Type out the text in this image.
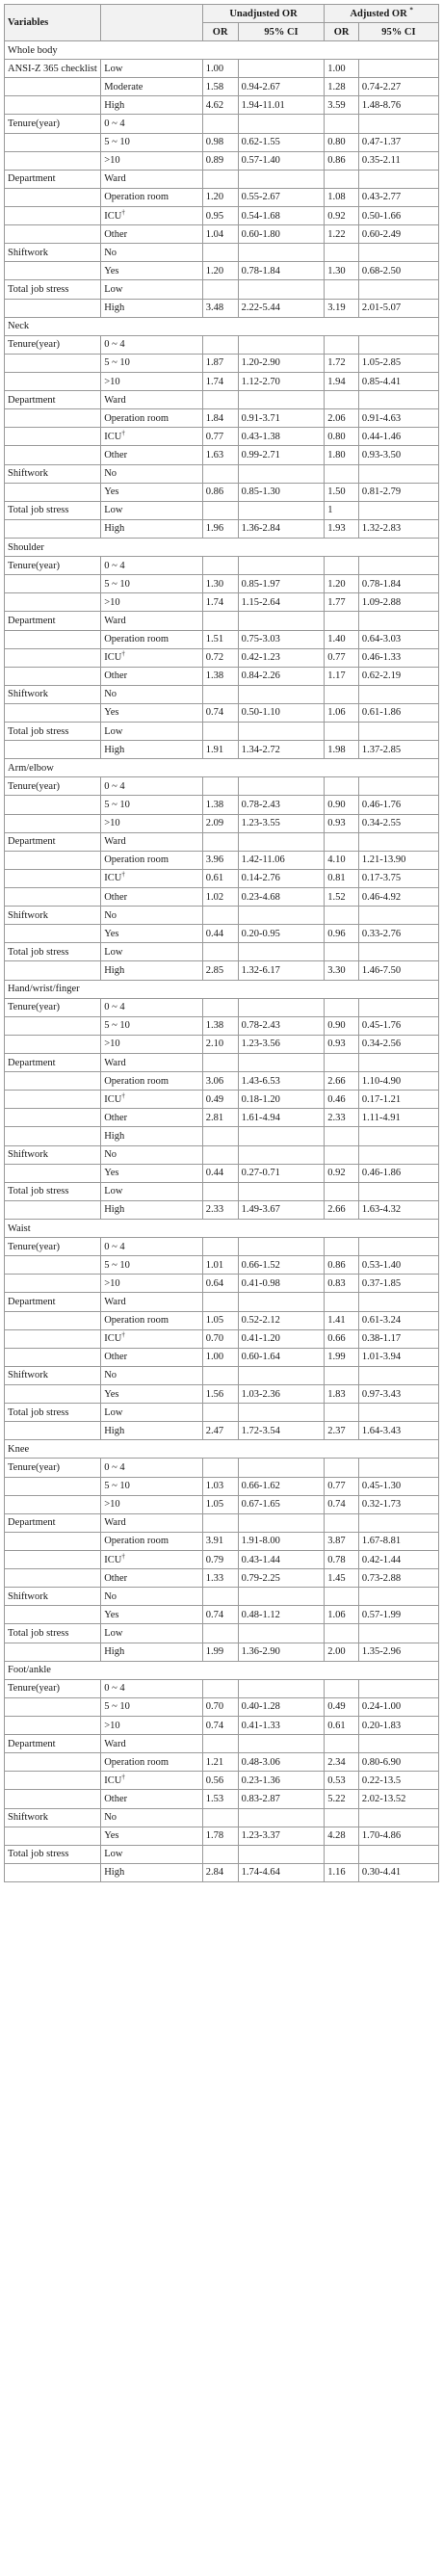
Variables		Unadjusted OR		Adjusted OR *
		OR	95% CI	OR	95% CI
Whole body					
ANSI-Z 365 checklist	Low	1.00		1.00	
	Moderate	1.58	0.94-2.67	1.28	0.74-2.27
	High	4.62	1.94-11.01	3.59	1.48-8.76
Tenure(year)	0 ~ 4				
	5 ~ 10	0.98	0.62-1.55	0.80	0.47-1.37
	>10	0.89	0.57-1.40	0.86	0.35-2.11
Department	Ward				
	Operation room	1.20	0.55-2.67	1.08	0.43-2.77
	ICU†	0.95	0.54-1.68	0.92	0.50-1.66
	Other	1.04	0.60-1.80	1.22	0.60-2.49
Shiftwork	No				
	Yes	1.20	0.78-1.84	1.30	0.68-2.50
Total job stress	Low				
	High	3.48	2.22-5.44	3.19	2.01-5.07
Neck					
Tenure(year)	0 ~ 4				
	5 ~ 10	1.87	1.20-2.90	1.72	1.05-2.85
	>10	1.74	1.12-2.70	1.94	0.85-4.41
Department	Ward				
	Operation room	1.84	0.91-3.71	2.06	0.91-4.63
	ICU†	0.77	0.43-1.38	0.80	0.44-1.46
	Other	1.63	0.99-2.71	1.80	0.93-3.50
Shiftwork	No				
	Yes	0.86	0.85-1.30	1.50	0.81-2.79
Total job stress	Low			1	
	High	1.96	1.36-2.84	1.93	1.32-2.83
Shoulder					
Tenure(year)	0 ~ 4				
	5 ~ 10	1.30	0.85-1.97	1.20	0.78-1.84
	>10	1.74	1.15-2.64	1.77	1.09-2.88
Department	Ward				
	Operation room	1.51	0.75-3.03	1.40	0.64-3.03
	ICU†	0.72	0.42-1.23	0.77	0.46-1.33
	Other	1.38	0.84-2.26	1.17	0.62-2.19
Shiftwork	No				
	Yes	0.74	0.50-1.10	1.06	0.61-1.86
Total job stress	Low				
	High	1.91	1.34-2.72	1.98	1.37-2.85
Arm/elbow					
Tenure(year)	0 ~ 4				
	5 ~ 10	1.38	0.78-2.43	0.90	0.46-1.76
	>10	2.09	1.23-3.55	0.93	0.34-2.55
Department	Ward				
	Operation room	3.96	1.42-11.06	4.10	1.21-13.90
	ICU†	0.61	0.14-2.76	0.81	0.17-3.75
	Other	1.02	0.23-4.68	1.52	0.46-4.92
Shiftwork	No				
	Yes	0.44	0.20-0.95	0.96	0.33-2.76
Total job stress	Low				
	High	2.85	1.32-6.17	3.30	1.46-7.50
Hand/wrist/finger					
Tenure(year)	0 ~ 4				
	5 ~ 10	1.38	0.78-2.43	0.90	0.45-1.76
	>10	2.10	1.23-3.56	0.93	0.34-2.56
Department	Ward				
	Operation room	3.06	1.43-6.53	2.66	1.10-4.90
	ICU†	0.49	0.18-1.20	0.46	0.17-1.21
	Other	2.81	1.61-4.94	2.33	1.11-4.91
	High				
Shiftwork	No				
	Yes	0.44	0.27-0.71	0.92	0.46-1.86
Total job stress	Low				
	High	2.33	1.49-3.67	2.66	1.63-4.32
Waist					
Tenure(year)	0 ~ 4				
	5 ~ 10	1.01	0.66-1.52	0.86	0.53-1.40
	>10	0.64	0.41-0.98	0.83	0.37-1.85
Department	Ward				
	Operation room	1.05	0.52-2.12	1.41	0.61-3.24
	ICU†	0.70	0.41-1.20	0.66	0.38-1.17
	Other	1.00	0.60-1.64	1.99	1.01-3.94
Shiftwork	No				
	Yes	1.56	1.03-2.36	1.83	0.97-3.43
Total job stress	Low				
	High	2.47	1.72-3.54	2.37	1.64-3.43
Knee					
Tenure(year)	0 ~ 4				
	5 ~ 10	1.03	0.66-1.62	0.77	0.45-1.30
	>10	1.05	0.67-1.65	0.74	0.32-1.73
Department	Ward				
	Operation room	3.91	1.91-8.00	3.87	1.67-8.81
	ICU†	0.79	0.43-1.44	0.78	0.42-1.44
	Other	1.33	0.79-2.25	1.45	0.73-2.88
Shiftwork	No				
	Yes	0.74	0.48-1.12	1.06	0.57-1.99
Total job stress	Low				
	High	1.99	1.36-2.90	2.00	1.35-2.96
Foot/ankle					
Tenure(year)	0 ~ 4				
	5 ~ 10	0.70	0.40-1.28	0.49	0.24-1.00
	>10	0.74	0.41-1.33	0.61	0.20-1.83
Department	Ward				
	Operation room	1.21	0.48-3.06	2.34	0.80-6.90
	ICU†	0.56	0.23-1.36	0.53	0.22-13.5
	Other	1.53	0.83-2.87	5.22	2.02-13.52
Shiftwork	No				
	Yes	1.78	1.23-3.37	4.28	1.70-4.86
Total job stress	Low				
	High	2.84	1.74-4.64	1.16	0.30-4.41
